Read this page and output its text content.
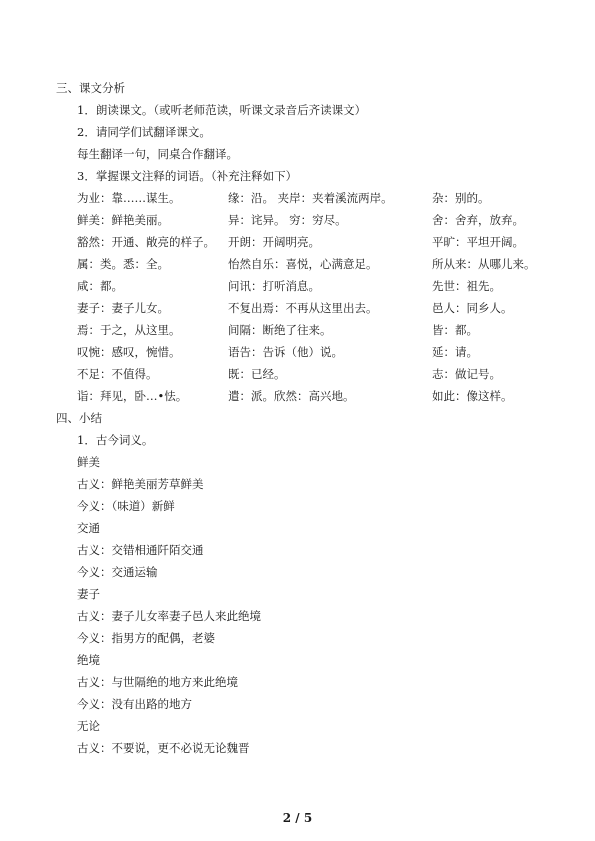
三、课文分析
1．朗读课文。（或听老师范读，听课文录音后齐读课文）
2．请同学们试翻译课文。
每生翻译一句，同桌合作翻译。
3．掌握课文注释的词语。（补充注释如下）
为业：靠……谋生。	缘：沿。 夹岸：夹着溪流两岸。	杂：别的。
鲜美：鲜艳美丽。	异：诧异。 穷：穷尽。	舍：舍弃，放弃。
豁然：开通、敞亮的样子。 开朗：开阔明亮。	平旷：平坦开阔。
属：类。悉：全。	怡然自乐：喜悦，心满意足。	所从来：从哪儿来。
咸：都。	问讯：打听消息。	先世：祖先。
妻子：妻子儿女。	不复出焉：不再从这里出去。	邑人：同乡人。
焉：于之，从这里。	间隔：断绝了往来。	皆：都。
叹惋：感叹，惋惜。	语告：告诉（他）说。	延：请。
不足：不值得。	既：已经。	志：做记号。
诣：拜见，卧…•怯。	遣：派。欣然：高兴地。	如此：像这样。
四、小结
1．古今词义。
鲜美
古义：鲜艳美丽芳草鲜美
今义：（味道）新鲜
交通
古义：交错相通阡陌交通
今义：交通运输
妻子
古义：妻子儿女率妻子邑人来此绝境
今义：指男方的配偶，老婆
绝境
古义：与世隔绝的地方来此绝境
今义：没有出路的地方
无论
古义：不要说，更不必说无论魏晋
2 / 5
